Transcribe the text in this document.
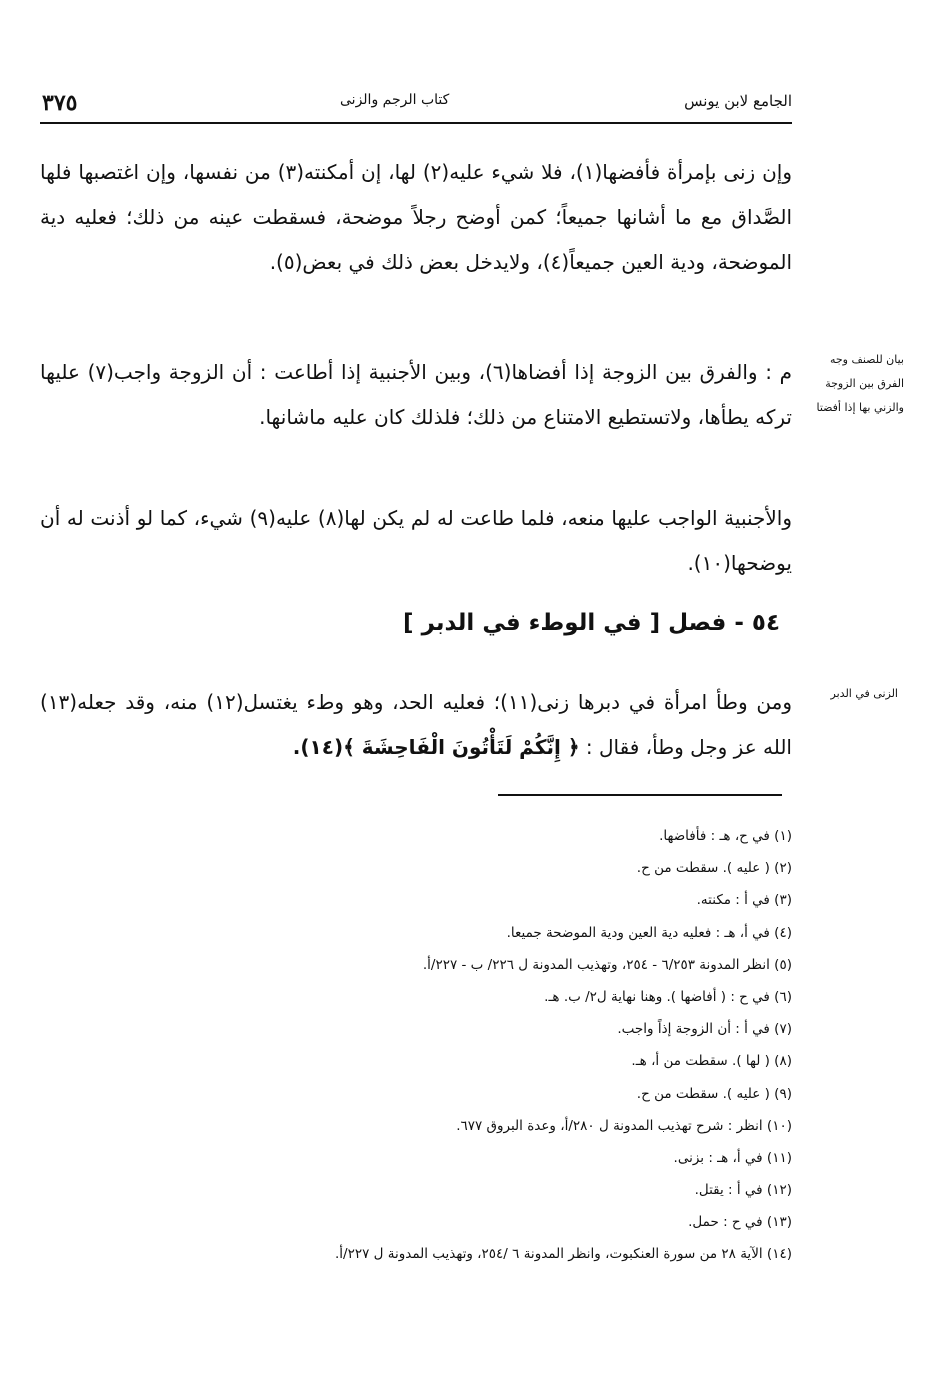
الجامع لابن يونس
كتاب الرجم والزنى
٣٧٥

وإن زنى بإمرأة فأفضها(١)، فلا شيء عليه(٢) لها، إن أمكنته(٣) من نفسها، وإن اغتصبها فلها الصَّداق مع ما أشانها جميعاً؛ كمن أوضح رجلاً موضحة، فسقطت عينه من ذلك؛ فعليه دية الموضحة، ودية العين جميعاً(٤)، ولايدخل بعض ذلك في بعض(٥).

م : والفرق بين الزوجة إذا أفضاها(٦)، وبين الأجنبية إذا أطاعت : أن الزوجة واجب(٧) عليها تركه يطأها، ولاتستطيع الامتناع من ذلك؛ فلذلك كان عليه ماشانها.

بيان للصنف وجه
الفرق بين الزوجة
والزني بها إذا أفضتا

والأجنبية الواجب عليها منعه، فلما طاعت له لم يكن لها(٨) عليه(٩) شيء، كما لو أذنت له أن يوضحها(١٠).

٥٤ - فصل [ في الوطء في الدبر ]

ومن وطأ امرأة في دبرها زنى(١١)؛ فعليه الحد، وهو وطء يغتسل(١٢) منه، وقد جعله(١٣) الله عز وجل وطأ، فقال : ﴿ إِنَّكُمْ لَتَأْتُونَ الْفَاحِشَةَ ﴾(١٤).

الزنى في الدبر
(١) في ح، هـ : فأفاضها.
(٢) ( عليه ). سقطت من ح.
(٣) في أ : مكنته.
(٤) في أ، هـ : فعليه دية العين ودية الموضحة جميعا.
(٥) انظر المدونة ٦/٢٥٣ - ٢٥٤، وتهذيب المدونة ل ٢٢٦/ ب - ٢٢٧/أ.
(٦) في ح : ( أفاضها ). وهنا نهاية ل٢/ ب. هـ.
(٧) في أ : أن الزوجة إذاً واجب.
(٨) ( لها ). سقطت من أ، هـ.
(٩) ( عليه ). سقطت من ح.
(١٠) انظر : شرح تهذيب المدونة ل ٢٨٠/أ، وعدة البروق ٦٧٧.
(١١) في أ، هـ : بزنى.
(١٢) في أ : يقتل.
(١٣) في ح : حمل.
(١٤) الآية ٢٨ من سورة العنكبوت، وانظر المدونة ٦ /٢٥٤، وتهذيب المدونة ل ٢٢٧/أ.
